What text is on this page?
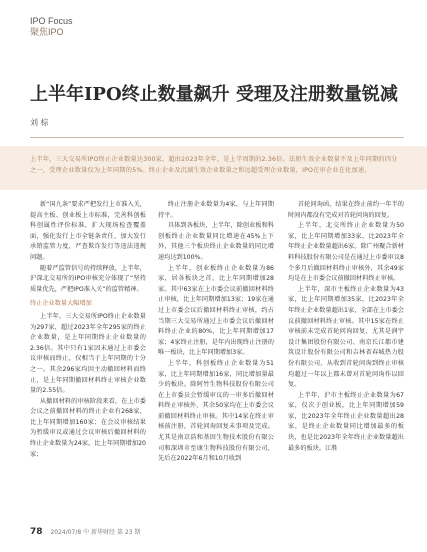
IPO Focus
聚焦IPO
上半年IPO终止数量飙升 受理及注册数量锐减
刘 棕

上半年，三大交易所IPO终止企业数量达300家，超由2023年全年，是上半周期的2.36倍。法册生效企业数量不及上年同期的四分之一，受理企业数量仅为上年同期的5%。终止企业及沉湖生效企业数量之和远超受理企业数量，IPO在审企业在化加速。

新“国九条”要求严把发行上市准入关，提高主板、创业板上市标准，完善科创板科创属性评价标准，扩大现场检查覆盖面，强化发行上市全链条责任，加大发行承销监管力度，严查欺诈发行等违法违规问题。

随着严监管信号的持续释放，上半年，沪深北交易所的IPO审核充分体现了“坚持质量优先，严把IPO准入关”的监管精神。

终止企业数量大幅增加

上半年，三大交易所IPO终止企业数量为297家，超过2023年全年295家的终止企业数量，是上年同期终止企业数量的2.36倍。其中只有1家因未通过上市委会议审核而终止，仅相当于上年同期的十分之一。其余296家均因主动撤回材料而终止，是上年同期撤回材料终止审核企业数量的2.55倍。

从撤回材料的审核阶段来看，在上市委会议之前撤回材料的终止企业有268家，比上年同期增加160家；在会议审核结果为暂缓审议或通过会议审核后撤回材料的终止企业数量为24家，比上年同期增加20家；

终止注册企业数量为4家，与上年同期持平。

具体到各板块，上半年，除创业板和科创板终止企业数量同比增速在45%上下外，其他三个板块终止企业数量的同比增速均达到100%。

上半年，创业板终止企业数量为86家，居各板块之首，比上年同期增加28家。其中63家在上市委会议前撤回材料终止审核，比上年同期增加13家；19家在通过上市委会议后撤回材料终止审核，约占当期三大交易所通过上市委会议后撤回材料终止企业的80%，比上年同期增加17家；4家终止注册，是年内出现终止注册的唯一板块，比上年同期增加3家。

上半年，科创板终止企业数量为51家，比上年同期增加16家，同比增加量最少的板块。除阿竹生物科技股份有限公司在上市委员会暂缓审议的一审多后撤回材料终止审核外，其余50家均在上市委会议前撤回材料终止审核。其中14家在终止审核前注册，首轮问询回复未事项及完成。尤其是南京浩和基因生物技术股份有限公司和深圳市至康生物科技股份有限公司，先后在2022年6月和10月收到

首轮问询函，结果在终止前约一年半的时间内都没有完成对首轮问询的回复。

上半年，北交所终止企业数量为50家，比上年同期增加33家，比2023年全年终止企业数量超出6家。除广州聚合新材料科技股份有限公司是在通过上市委审议8个多月后撤回材料终止审核外，其余49家均是在上市委会议前撤回材料终止审核。

上半年，深市主板终止企业数量为43家，比上年同期增加35家，比2023年全年终止企业数量超出1家，全部在上市委会议前撤回材料终止审核。其中15家在终止审核前未完成首轮问询回复，尤其是润宇设计集团股份有限公司、南京长江都市建筑设计股份有限公司和吉林省春城热力股份有限公司，从收到首轮问询到终止审核均超过一年以上都未曾对首轮问询作以回复。

上半年，沪市主板终止企业数量为67家，仅次于创业板，比上年同期增加59家，比2023年全年终止企业数量超出28家，是终止企业数量同比增加最多的板块，也是比2023年全年终止企业数量超出最多的板块。江胜

78 2024/07/8 中 新华财经 第 23 期
